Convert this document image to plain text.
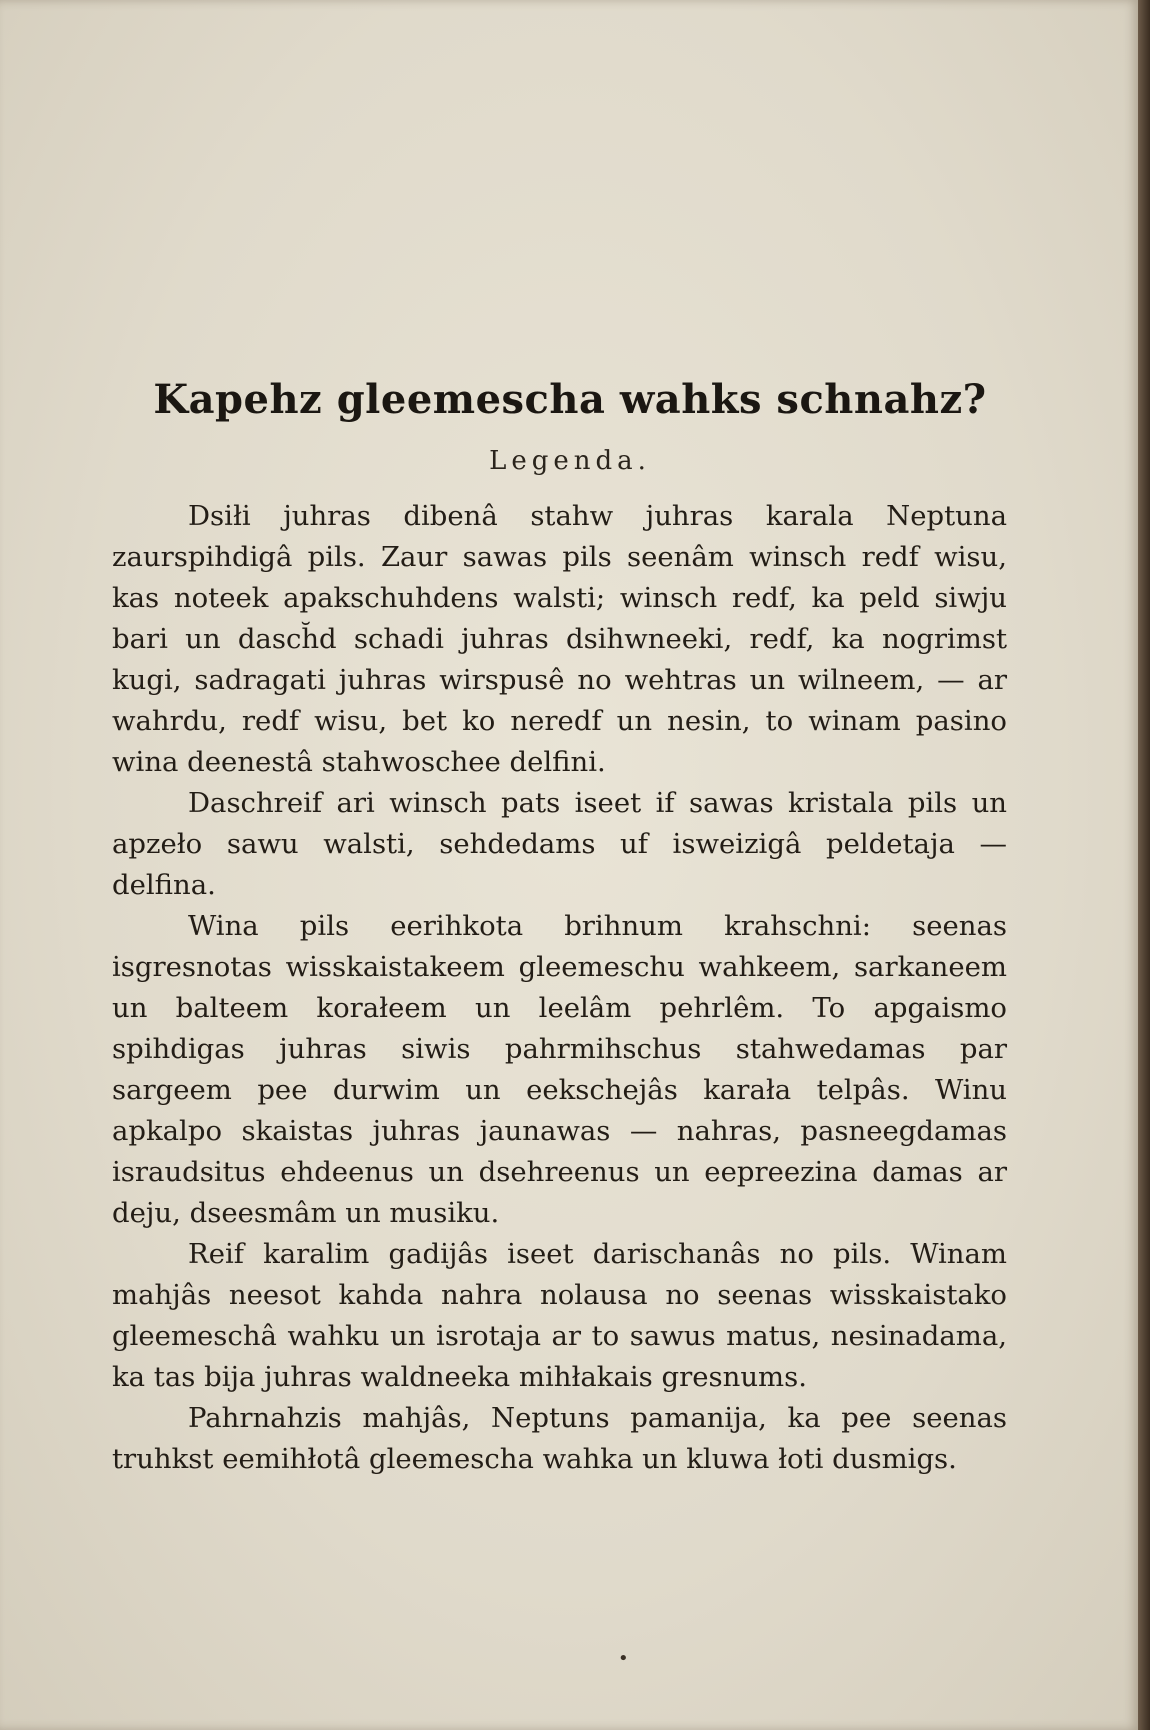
Kapehz gleemescha wahks schnahz?
Legenda.

Dsiłi juhras dibenâ stahw juhras karala Neptuna zaurspihdigâ pils. Zaur sawas pils seenâm winsch redf wisu, kas noteek apakschuhdens walsti; winsch redf, ka peld siwju bari un dasch̆d schadi juhras dsihwneeki, redf, ka nogrimst kugi, sadragati juhras wirspusê no wehtras un wilneem, — ar wahrdu, redf wisu, bet ko neredf un nesin, to winam pasino wina deenestâ stahwoschee delfini.

Daschreif ari winsch pats iseet if sawas kristala pils un apzeło sawu walsti, sehdedams uf isweizigâ peldetaja — delfina.

Wina pils eerihkota brihnum krahschni: seenas isgresnotas wisskaistakeem gleemeschu wahkeem, sarkaneem un balteem korałeem un leelâm pehrlêm. To apgaismo spihdigas juhras siwis pahrmihschus stahwedamas par sargeem pee durwim un eekschejâs karała telpâs. Winu apkalpo skaistas juhras jaunawas — nahras, pasneegdamas israudsitus ehdeenus un dsehreenus un eepreezina damas ar deju, dseesmâm un musiku.

Reif karalim gadijâs iseet darischanâs no pils. Winam mahjâs neesot kahda nahra nolausa no seenas wisskaistako gleemeschâ wahku un isrotaja ar to sawus matus, nesinadama, ka tas bija juhras waldneeka mihłakais gresnums.

Pahrnahzis mahjâs, Neptuns pamanija, ka pee seenas truhkst eemihłotâ gleemescha wahka un kluwa łoti dusmigs.

•
